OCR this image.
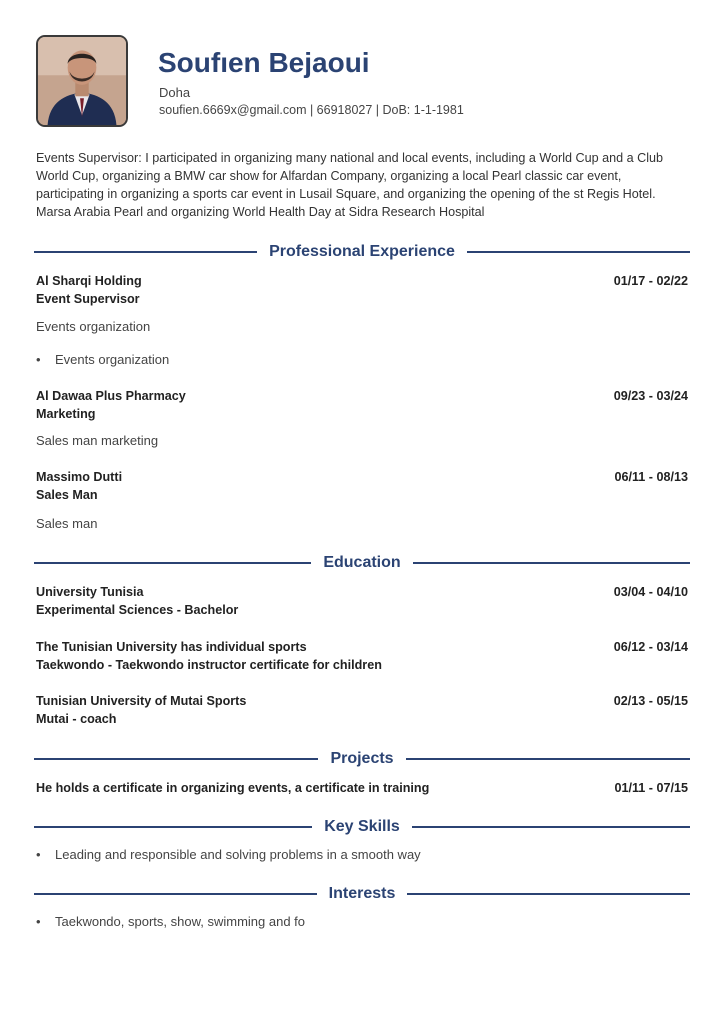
Soufıen Bejaoui
Doha
soufien.6669x@gmail.com | 66918027 | DoB: 1-1-1981
Events Supervisor: I participated in organizing many national and local events, including a World Cup and a Club World Cup, organizing a BMW car show for Alfardan Company, organizing a local Pearl classic car event, participating in organizing a sports car event in Lusail Square, and organizing the opening of the st Regis Hotel. Marsa Arabia Pearl and organizing World Health Day at Sidra Research Hospital
Professional Experience
Al Sharqi Holding	01/17 - 02/22
Event Supervisor
Events organization
• Events organization
Al Dawaa Plus Pharmacy	09/23 - 03/24
Marketing
Sales man marketing
Massimo Dutti	06/11 - 08/13
Sales Man
Sales man
Education
University Tunisia	03/04 - 04/10
Experimental Sciences - Bachelor
The Tunisian University has individual sports	06/12 - 03/14
Taekwondo - Taekwondo instructor certificate for children
Tunisian University of Mutai Sports	02/13 - 05/15
Mutai - coach
Projects
He holds a certificate in organizing events, a certificate in training	01/11 - 07/15
Key Skills
• Leading and responsible and solving problems in a smooth way
Interests
• Taekwondo, sports, show, swimming and fo
